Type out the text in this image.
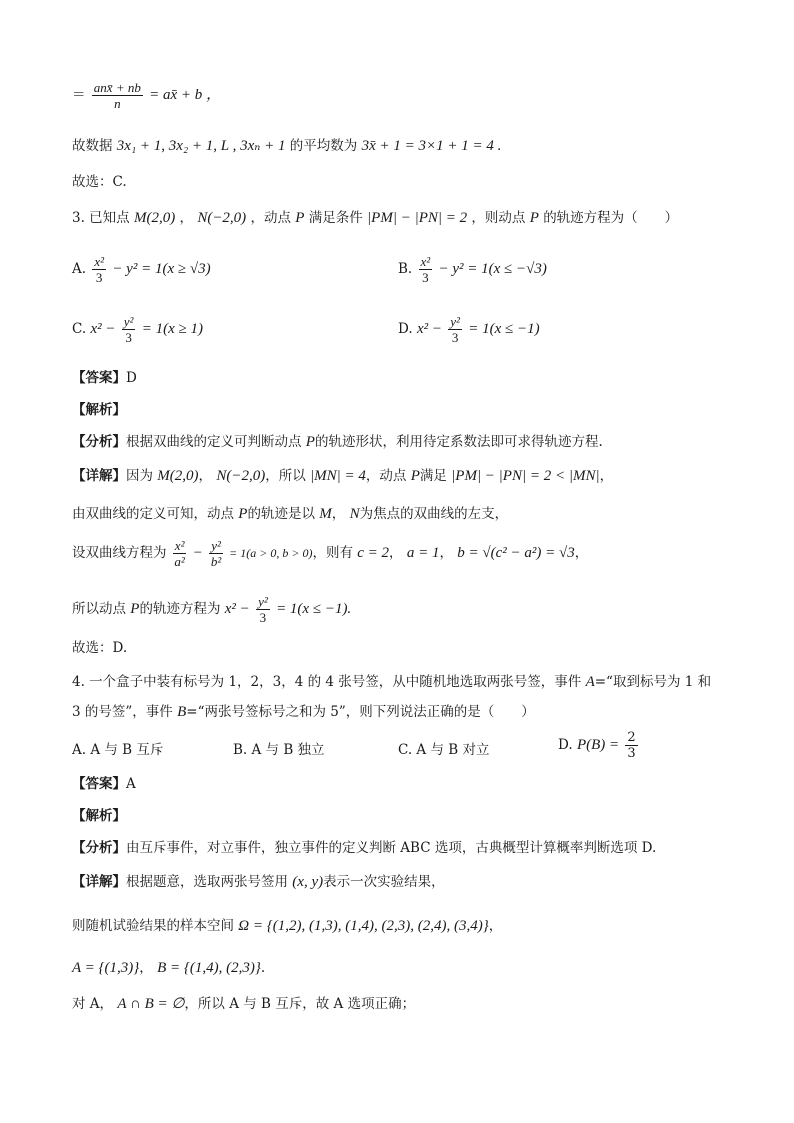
＝ $\frac{\text{anx̄ + nb}}{n}$ = ax̄ + b ，
故数据 3x₁ + 1, 3x₂ + 1, L , 3xₙ + 1 的平均数为 3x̄ + 1 = 3×1 + 1 = 4 .
故选：C.
3. 已知点 M(2,0) ， N(−2,0) ，动点 P 满足条件 |PM| − |PN| = 2 ，则动点 P 的轨迹方程为（　　）
A. $\frac{\text{x²}}{3} - y^2 = 1(x \ge √3)$	B. $\frac{\text{x²}}{3} - y^2 = 1(x \le -√3)$
C. $x^2 - \frac{\text{y²}}{3} = 1(x \ge 1)$	D. $x^2 - \frac{\text{y²}}{3} = 1(x \le -1)$
【答案】D
【解析】
【分析】根据双曲线的定义可判断动点 P的轨迹形状，利用待定系数法即可求得轨迹方程.
【详解】因为 M(2,0)， N(−2,0)，所以 |MN| = 4，动点 P满足 |PM| − |PN| = 2 < |MN|，
由双曲线的定义可知，动点 P的轨迹是以 M， N为焦点的双曲线的左支，
设双曲线方程为 $\frac{\text{x²}}{\text{a²}} - \frac{\text{y²}}{\text{b²}} = 1(a > 0$, b > 0)，则有 c = 2， a = 1， b = √(c² − a²) = √3，
所以动点 P的轨迹方程为 $x^2 - \frac{\text{y²}}{3} = 1(x \le -1)$.
故选：D.
4. 一个盒子中装有标号为 1，2，3，4 的 4 张号签，从中随机地选取两张号签，事件 A=“取到标号为 1 和
3 的号签”，事件 B=“两张号签标号之和为 5”，则下列说法正确的是（　　）
A. A 与 B 互斥	B. A 与 B 独立	C. A 与 B 对立	D. $P(B) = \frac{2}{3}$
【答案】A
【解析】
【分析】由互斥事件，对立事件，独立事件的定义判断 ABC 选项，古典概型计算概率判断选项 D.
【详解】根据题意，选取两张号签用 (x, y)表示一次实验结果，
则随机试验结果的样本空间 Ω = {(1,2), (1,3), (1,4), (2,3), (2,4), (3,4)}，
A = {(1,3)}， B = {(1,4), (2,3)}.
对 A， A ∩ B = ∅，所以 A 与 B 互斥，故 A 选项正确；
